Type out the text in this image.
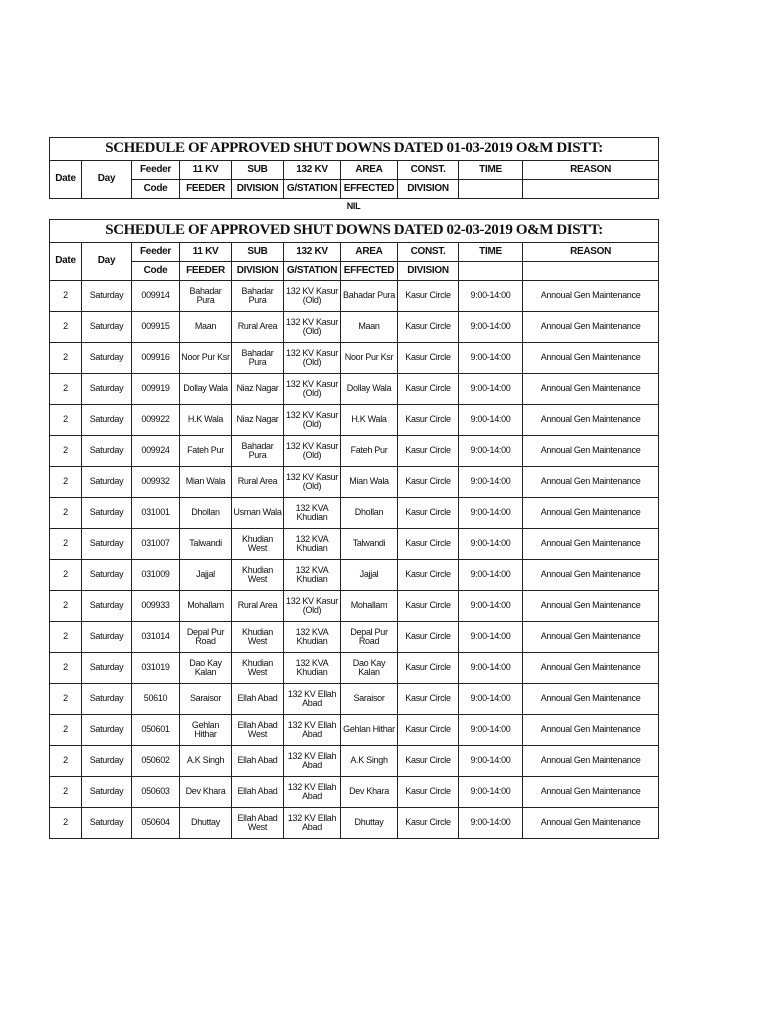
SCHEDULE OF APPROVED SHUT DOWNS DATED 01-03-2019 O&M DISTT:									
Date	Day	Feeder	11 KV	SUB	132 KV	AREA	CONST.	TIME	REASON
		Code	FEEDER	DIVISION	G/STATION	EFFECTED	DIVISION		
NIL
SCHEDULE OF APPROVED SHUT DOWNS DATED 02-03-2019 O&M DISTT:									
Date	Day	Feeder	11 KV	SUB	132 KV	AREA	CONST.	TIME	REASON
		Code	FEEDER	DIVISION	G/STATION	EFFECTED	DIVISION		
2	Saturday	009914	Bahadar Pura	Bahadar Pura	132 KV Kasur (Old)	Bahadar Pura	Kasur Circle	9:00-14:00	Annoual Gen Maintenance
2	Saturday	009915	Maan	Rural Area	132 KV Kasur (Old)	Maan	Kasur Circle	9:00-14:00	Annoual Gen Maintenance
2	Saturday	009916	Noor Pur Ksr	Bahadar Pura	132 KV Kasur (Old)	Noor Pur Ksr	Kasur Circle	9:00-14:00	Annoual Gen Maintenance
2	Saturday	009919	Dollay Wala	Niaz Nagar	132 KV Kasur (Old)	Dollay Wala	Kasur Circle	9:00-14:00	Annoual Gen Maintenance
2	Saturday	009922	H.K Wala	Niaz Nagar	132 KV Kasur (Old)	H.K Wala	Kasur Circle	9:00-14:00	Annoual Gen Maintenance
2	Saturday	009924	Fateh Pur	Bahadar Pura	132 KV Kasur (Old)	Fateh Pur	Kasur Circle	9:00-14:00	Annoual Gen Maintenance
2	Saturday	009932	Mian Wala	Rural Area	132 KV Kasur (Old)	Mian Wala	Kasur Circle	9:00-14:00	Annoual Gen Maintenance
2	Saturday	031001	Dhollan	Usman Wala	132 KVA Khudian	Dhollan	Kasur Circle	9:00-14:00	Annoual Gen Maintenance
2	Saturday	031007	Talwandi	Khudian West	132 KVA Khudian	Talwandi	Kasur Circle	9:00-14:00	Annoual Gen Maintenance
2	Saturday	031009	Jajjal	Khudian West	132 KVA Khudian	Jajjal	Kasur Circle	9:00-14:00	Annoual Gen Maintenance
2	Saturday	009933	Mohallam	Rural Area	132 KV Kasur (Old)	Mohallam	Kasur Circle	9:00-14:00	Annoual Gen Maintenance
2	Saturday	031014	Depal Pur Road	Khudian West	132 KVA Khudian	Depal Pur Road	Kasur Circle	9:00-14:00	Annoual Gen Maintenance
2	Saturday	031019	Dao Kay Kalan	Khudian West	132 KVA Khudian	Dao Kay Kalan	Kasur Circle	9:00-14:00	Annoual Gen Maintenance
2	Saturday	50610	Saraisor	Ellah Abad	132 KV Ellah Abad	Saraisor	Kasur Circle	9:00-14:00	Annoual Gen Maintenance
2	Saturday	050601	Gehlan Hithar	Ellah Abad West	132 KV Ellah Abad	Gehlan Hithar	Kasur Circle	9:00-14:00	Annoual Gen Maintenance
2	Saturday	050602	A.K Singh	Ellah Abad	132 KV Ellah Abad	A.K Singh	Kasur Circle	9:00-14:00	Annoual Gen Maintenance
2	Saturday	050603	Dev Khara	Ellah Abad	132 KV Ellah Abad	Dev Khara	Kasur Circle	9:00-14:00	Annoual Gen Maintenance
2	Saturday	050604	Dhuttay	Ellah Abad West	132 KV Ellah Abad	Dhuttay	Kasur Circle	9:00-14:00	Annoual Gen Maintenance
